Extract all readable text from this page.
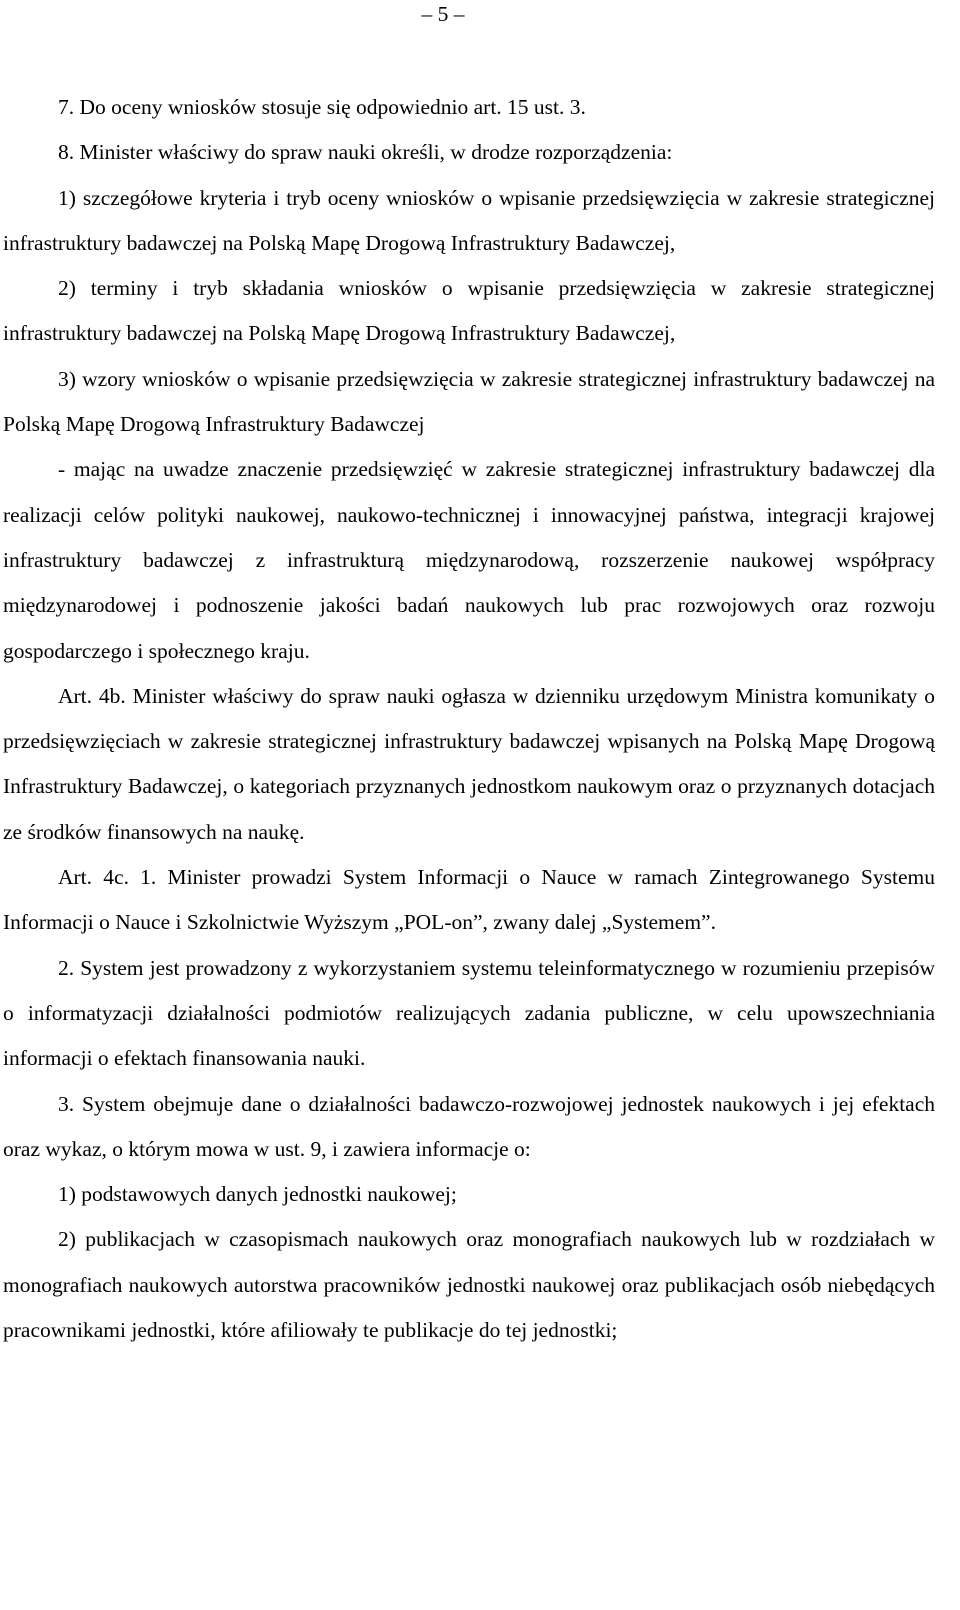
– 5 –

7. Do oceny wniosków stosuje się odpowiednio art. 15 ust. 3.

8. Minister właściwy do spraw nauki określi, w drodze rozporządzenia:

1) szczegółowe kryteria i tryb oceny wniosków o wpisanie przedsięwzięcia w zakresie strategicznej infrastruktury badawczej na Polską Mapę Drogową Infrastruktury Badawczej,

2) terminy i tryb składania wniosków o wpisanie przedsięwzięcia w zakresie strategicznej infrastruktury badawczej na Polską Mapę Drogową Infrastruktury Badawczej,

3) wzory wniosków o wpisanie przedsięwzięcia w zakresie strategicznej infrastruktury badawczej na Polską Mapę Drogową Infrastruktury Badawczej

- mając na uwadze znaczenie przedsięwzięć w zakresie strategicznej infrastruktury badawczej dla realizacji celów polityki naukowej, naukowo-technicznej i innowacyjnej państwa, integracji krajowej infrastruktury badawczej z infrastrukturą międzynarodową, rozszerzenie naukowej współpracy międzynarodowej i podnoszenie jakości badań naukowych lub prac rozwojowych oraz rozwoju gospodarczego i społecznego kraju.

Art. 4b. Minister właściwy do spraw nauki ogłasza w dzienniku urzędowym Ministra komunikaty o przedsięwzięciach w zakresie strategicznej infrastruktury badawczej wpisanych na Polską Mapę Drogową Infrastruktury Badawczej, o kategoriach przyznanych jednostkom naukowym oraz o przyznanych dotacjach ze środków finansowych na naukę.

Art. 4c. 1. Minister prowadzi System Informacji o Nauce w ramach Zintegrowanego Systemu Informacji o Nauce i Szkolnictwie Wyższym „POL-on”, zwany dalej „Systemem”.

2. System jest prowadzony z wykorzystaniem systemu teleinformatycznego w rozumieniu przepisów o informatyzacji działalności podmiotów realizujących zadania publiczne, w celu upowszechniania informacji o efektach finansowania nauki.

3. System obejmuje dane o działalności badawczo-rozwojowej jednostek naukowych i jej efektach oraz wykaz, o którym mowa w ust. 9, i zawiera informacje o:

1) podstawowych danych jednostki naukowej;

2) publikacjach w czasopismach naukowych oraz monografiach naukowych lub w rozdziałach w monografiach naukowych autorstwa pracowników jednostki naukowej oraz publikacjach osób niebędących pracownikami jednostki, które afiliowały te publikacje do tej jednostki;
